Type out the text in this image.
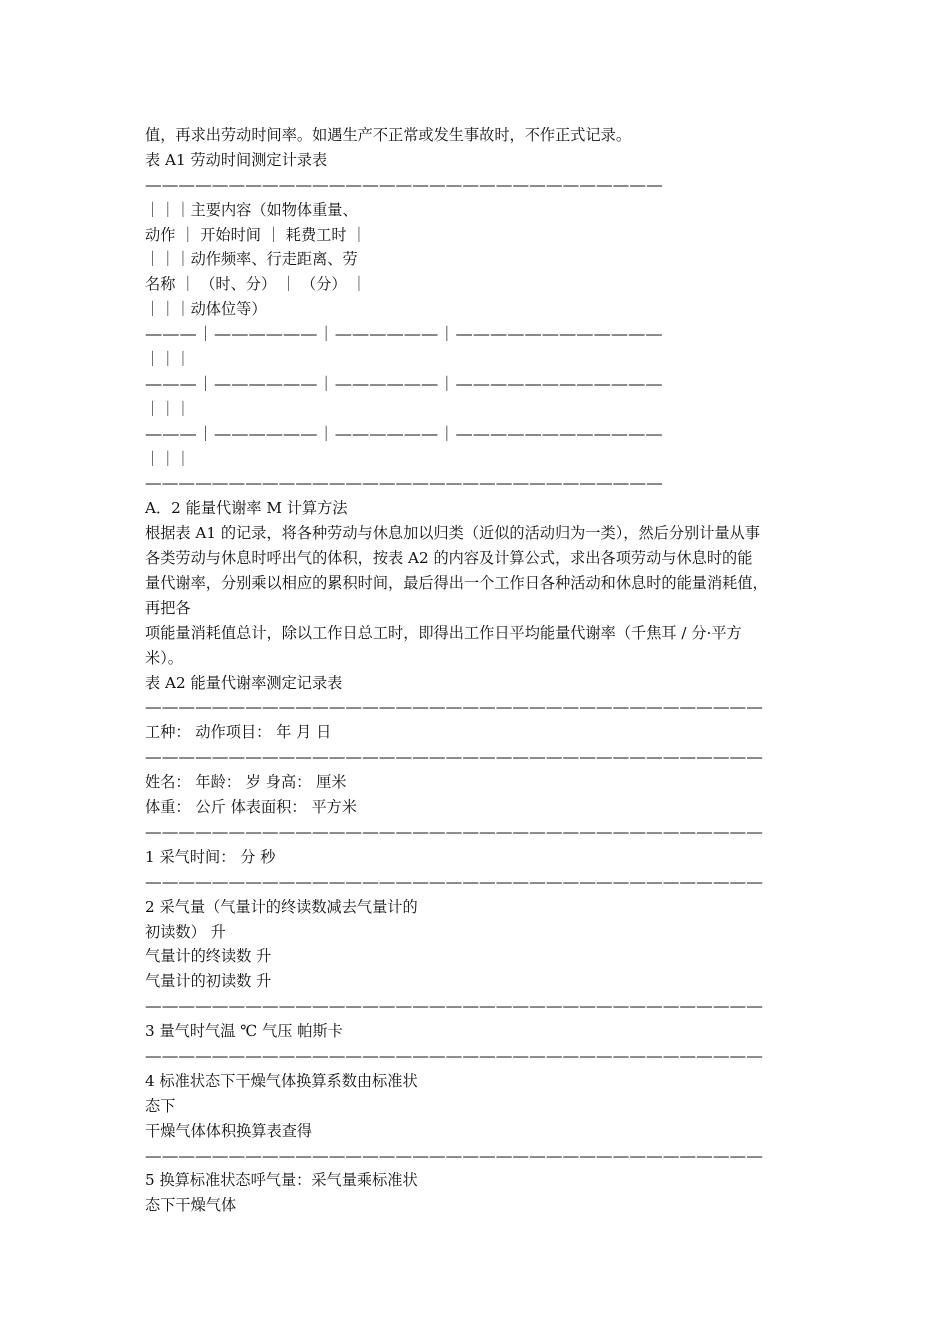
值，再求出劳动时间率。如遇生产不正常或发生事故时，不作正式记录。
表 A1 劳动时间测定计录表
———————————————————————————————
｜｜｜主要内容（如物体重量、
动作 ｜ 开始时间 ｜ 耗费工时 ｜
｜｜｜动作频率、行走距离、劳
名称 ｜ （时、分） ｜ （分） ｜
｜｜｜动体位等）
———｜——————｜——————｜————————————
｜｜｜
———｜——————｜——————｜————————————
｜｜｜
———｜——————｜——————｜————————————
｜｜｜
———————————————————————————————
A．2 能量代谢率 M 计算方法
根据表 A1 的记录，将各种劳动与休息加以归类（近似的活动归为一类），然后分别计量从事
各类劳动与休息时呼出气的体积，按表 A2 的内容及计算公式，求出各项劳动与休息时的能
量代谢率，分别乘以相应的累积时间，最后得出一个工作日各种活动和休息时的能量消耗值，
再把各
项能量消耗值总计，除以工作日总工时，即得出工作日平均能量代谢率（千焦耳 / 分·平方
米）。
表 A2 能量代谢率测定记录表
—————————————————————————————————————
工种： 动作项目： 年 月 日
—————————————————————————————————————
姓名： 年龄： 岁 身高： 厘米
体重： 公斤 体表面积： 平方米
—————————————————————————————————————
1 采气时间： 分 秒
—————————————————————————————————————
2 采气量（气量计的终读数减去气量计的
初读数） 升
气量计的终读数 升
气量计的初读数 升
—————————————————————————————————————
3 量气时气温 ℃ 气压 帕斯卡
—————————————————————————————————————
4 标准状态下干燥气体换算系数由标准状
态下
干燥气体体积换算表查得
—————————————————————————————————————
5 换算标准状态呼气量：采气量乘标准状
态下干燥气体
